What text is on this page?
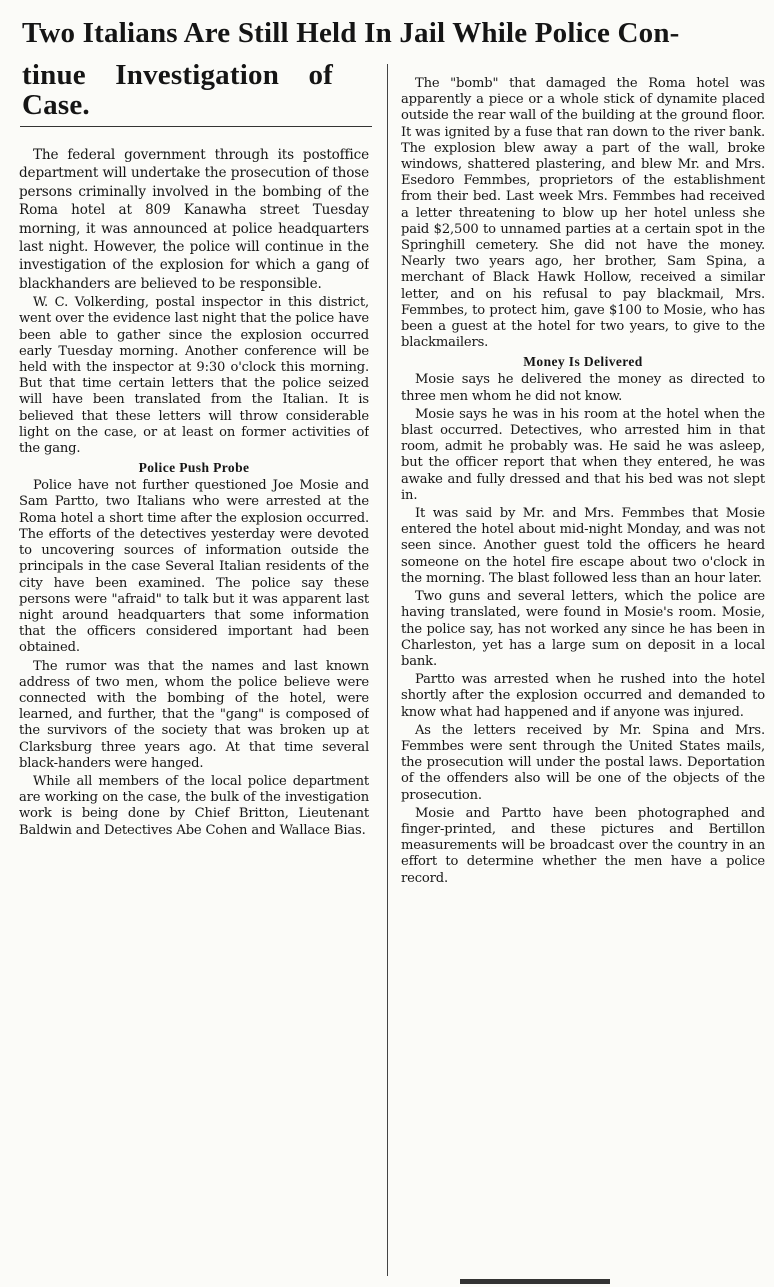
Two Italians Are Still Held In Jail While Police Con-
tinue Investigation of
Case.

The federal government through its postoffice department will undertake the prosecution of those persons criminally involved in the bombing of the Roma hotel at 809 Kanawha street Tuesday morning, it was announced at police headquarters last night. However, the police will continue in the investigation of the explosion for which a gang of blackhanders are believed to be responsible.

W. C. Volkerding, postal inspector in this district, went over the evidence last night that the police have been able to gather since the explosion occurred early Tuesday morning. Another conference will be held with the inspector at 9:30 o'clock this morning. But that time certain letters that the police seized will have been translated from the Italian. It is believed that these letters will throw considerable light on the case, or at least on former activities of the gang.

Police Push Probe

Police have not further questioned Joe Mosie and Sam Partto, two Italians who were arrested at the Roma hotel a short time after the explosion occurred. The efforts of the detectives yesterday were devoted to uncovering sources of information outside the principals in the case Several Italian residents of the city have been examined. The police say these persons were "afraid" to talk but it was apparent last night around headquarters that some information that the officers considered important had been obtained.

The rumor was that the names and last known address of two men, whom the police believe were connected with the bombing of the hotel, were learned, and further, that the "gang" is composed of the survivors of the society that was broken up at Clarksburg three years ago. At that time several black-handers were hanged.

While all members of the local police department are working on the case, the bulk of the investigation work is being done by Chief Britton, Lieutenant Baldwin and Detectives Abe Cohen and Wallace Bias.

The "bomb" that damaged the Roma hotel was apparently a piece or a whole stick of dynamite placed outside the rear wall of the building at the ground floor. It was ignited by a fuse that ran down to the river bank. The explosion blew away a part of the wall, broke windows, shattered plastering, and blew Mr. and Mrs. Esedoro Femmbes, proprietors of the establishment from their bed. Last week Mrs. Femmbes had received a letter threatening to blow up her hotel unless she paid $2,500 to unnamed parties at a certain spot in the Springhill cemetery. She did not have the money. Nearly two years ago, her brother, Sam Spina, a merchant of Black Hawk Hollow, received a similar letter, and on his refusal to pay blackmail, Mrs. Femmbes, to protect him, gave $100 to Mosie, who has been a guest at the hotel for two years, to give to the blackmailers.

Money Is Delivered

Mosie says he delivered the money as directed to three men whom he did not know.

Mosie says he was in his room at the hotel when the blast occurred. Detectives, who arrested him in that room, admit he probably was. He said he was asleep, but the officer report that when they entered, he was awake and fully dressed and that his bed was not slept in.

It was said by Mr. and Mrs. Femmbes that Mosie entered the hotel about mid-night Monday, and was not seen since. Another guest told the officers he heard someone on the hotel fire escape about two o'clock in the morning. The blast followed less than an hour later.

Two guns and several letters, which the police are having translated, were found in Mosie's room. Mosie, the police say, has not worked any since he has been in Charleston, yet has a large sum on deposit in a local bank.

Partto was arrested when he rushed into the hotel shortly after the explosion occurred and demanded to know what had happened and if anyone was injured.

As the letters received by Mr. Spina and Mrs. Femmbes were sent through the United States mails, the prosecution will under the postal laws. Deportation of the offenders also will be one of the objects of the prosecution.

Mosie and Partto have been photographed and finger-printed, and these pictures and Bertillon measurements will be broadcast over the country in an effort to determine whether the men have a police record.
